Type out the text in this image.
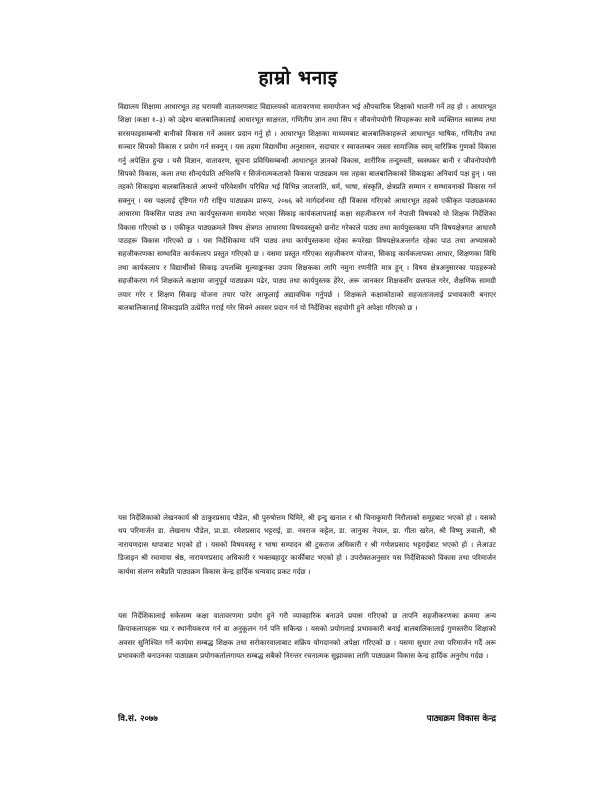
हाम्रो भनाइ

विद्यालय शिक्षामा आधारभूत तह घरायसी वातावरणबाट विद्यालयको वातावरणमा समायोजन भई औपचारिक शिक्षाको थालनी गर्ने तह हो । आधारभूत शिक्षा (कक्षा १–३) को उद्देश्य बालबालिकालाई आधारभूत साक्षरता, गणितीय ज्ञान तथा सिप र जीवनोपयोगी सिपहरूका साथै व्यक्तिगत स्वास्थ्य तथा सरसफाइसम्बन्धी बानीको विकास गर्ने अवसर प्रदान गर्नु हो । आधारभूत शिक्षाका माध्यमबाट बालबालिकाहरूले आधारभूत भाषिक, गणितीय तथा सञ्चार सिपको विकास र प्रयोग गर्न सक्नुन् । यस तहमा विद्यार्थीमा अनुशासन, सदाचार र स्वावलम्बन जस्ता सामाजिक स्वम् चारित्रिक गुणको विकास गर्नु अपेक्षित हुन्छ । यसै विज्ञान, वातावरण, सूचना प्रविधिसम्बन्धी आधारभूत ज्ञानको विकास, शारीरिक तन्दुरुस्ती, स्वस्थकर बानी र जीवनोपयोगी सिपको विकास, कला तथा सौन्दर्यप्रति अभिरुचि र सिर्जनात्मकताको विकास पाठ्यक्रम यस तहका बालबालिकाको सिकाइका अनिवार्य पक्ष हुन् । यस तहको सिकाइमा बालबालिकाले आफ्नो परिवेशसँग परिचित भई विभिन्न जातजाति, धर्म, भाषा, संस्कृति, क्षेत्रप्रति सम्मान र सम्भावनाको विकास गर्न सक्नुन् । यस पक्षलाई दृष्टिगत गरी राष्ट्रिय पाठ्यक्रम प्रारूप, २०७६ को मार्गदर्शनमा रही विकास गरिएको आधारभूत तहको एकीकृत पाठ्यक्रमका आधारमा विकसित पाठ्य तथा कार्यपुस्तकमा समावेश भएका सिकाइ कार्यकलापलाई कक्षा सहजीकरण गर्न नेपाली विषयको यो शिक्षक निर्देशिका विकास गरिएको छ । एकीकृत पाठ्यक्रमले विषय क्षेत्रगत आधारमा विषयवस्तुको छनोट गरेकाले पाठ्य तथा कार्यपुस्तकमा पनि विषयक्षेत्रगत आधारमै पाठहरू विकास गरिएको छ । यस निर्देशिकामा पनि पाठ्य तथा कार्यपुस्तकमा रहेका रूपरेखा विषयक्षेत्रअन्तर्गत रहेका पाठ तथा अभ्यासको सहजीकरणका सम्भावित कार्यकलाप प्रस्तुत गरिएको छ । यसमा प्रस्तुत गरिएका सहजीकरण योजना, सिकाइ कार्यकलापका आधार, शिक्षणका विधि तथा कार्यकलाप र विद्यार्थीको सिकाइ उपलब्धि मूल्याङ्कनका उपाय शिक्षकका लागि नमुना रणनीति मात्र हुन् । विषय क्षेत्रअनुसारका पाठहरूको सहजीकरण गर्न शिक्षकले कक्षामा जानुपूर्व पाठ्यक्रम पढेर, पाठ्य तथा कार्यपुस्तक हेरेर, अरू जानकार शिक्षकसँग छलफल गरेर, शैक्षणिक सामग्री तयार गरेर र शिक्षण सिकाइ योजना तयार पारेर आफूलाई अद्यावधिक गर्नुपर्छ । शिक्षकले कक्षाकोठाको सहजताजलाई प्रभावकारी बनाएर बालबालिकालाई सिकाइप्रति उत्प्रेरित गराई गरेर सिक्ने अवसर प्रदान गर्न यो निर्देशिका सहयोगी हुने अपेक्षा गरिएको छ ।

यस निर्देशिकाको लेखनकार्य श्री ठाकुरप्रसाद पौडेल, श्री पुरुषोत्तम घिमिरे, श्री इन्दु खनाल र श्री चिनाकुमारी निरौलाको समूहबाट भएको हो । यसको थप परिमार्जन डा. लेखनाथ पौडेल, प्रा.डा. रमेशप्रसाद भट्टराई, डा. नवराज कट्टेल, डा. जानुका नेपाल, डा. गीता खरेल, श्री विष्णु ज्ञवाली, श्री नारायणदास थापाबाट भएको हो । यसको विषयवस्तु र भाषा सम्पादन श्री टुकराज अधिकारी र श्री गणेशप्रसाद भट्टराईबाट भएको हो । लेआउट डिजाइन श्री रमामाया श्रेष्ठ, नारायणप्रसाद अधिकारी र भक्तबहादुर कार्कीबाट भएको हो । उपरोक्तअनुसार यस निर्देशिकाको विकास तथा परिमार्जन कार्यमा संलग्न सबैप्रति पाठ्यक्रम विकास केन्द्र हार्दिक धन्यवाद प्रकट गर्दछ ।

यस निर्देशिकालाई सकेसम्म कक्षा वातावरणमा प्रयोग हुने गरी व्यावहारिक बनाउने प्रयास गरिएको छ तापनि सहजीकरणका क्रममा अन्य क्रियाकलापहरू थप्न र स्थानीयकरण गर्न वा अनुकूलन गर्न पनि सकिन्छ । यसको प्रयोगलाई प्रभावकारी बनाई बालबालिकालाई गुणस्तरीय शिक्षाको अवसर सुनिश्चित गर्ने कार्यमा सम्बद्ध शिक्षक तथा सरोकारवालाबाट सक्रिय योगदानको अपेक्षा गरिएको छ । यसमा सुधार तथा परिमार्जन गर्दै अरू प्रभावकारी बनाउनका पाठ्यक्रम प्रयोगकर्तालगायत सम्बद्ध सबैको निरन्तर रचनात्मक सुझावका लागि पाठ्यक्रम विकास केन्द्र हार्दिक अनुरोध गर्दछ ।

वि.सं. २०७७	पाठ्यक्रम विकास केन्द्र
